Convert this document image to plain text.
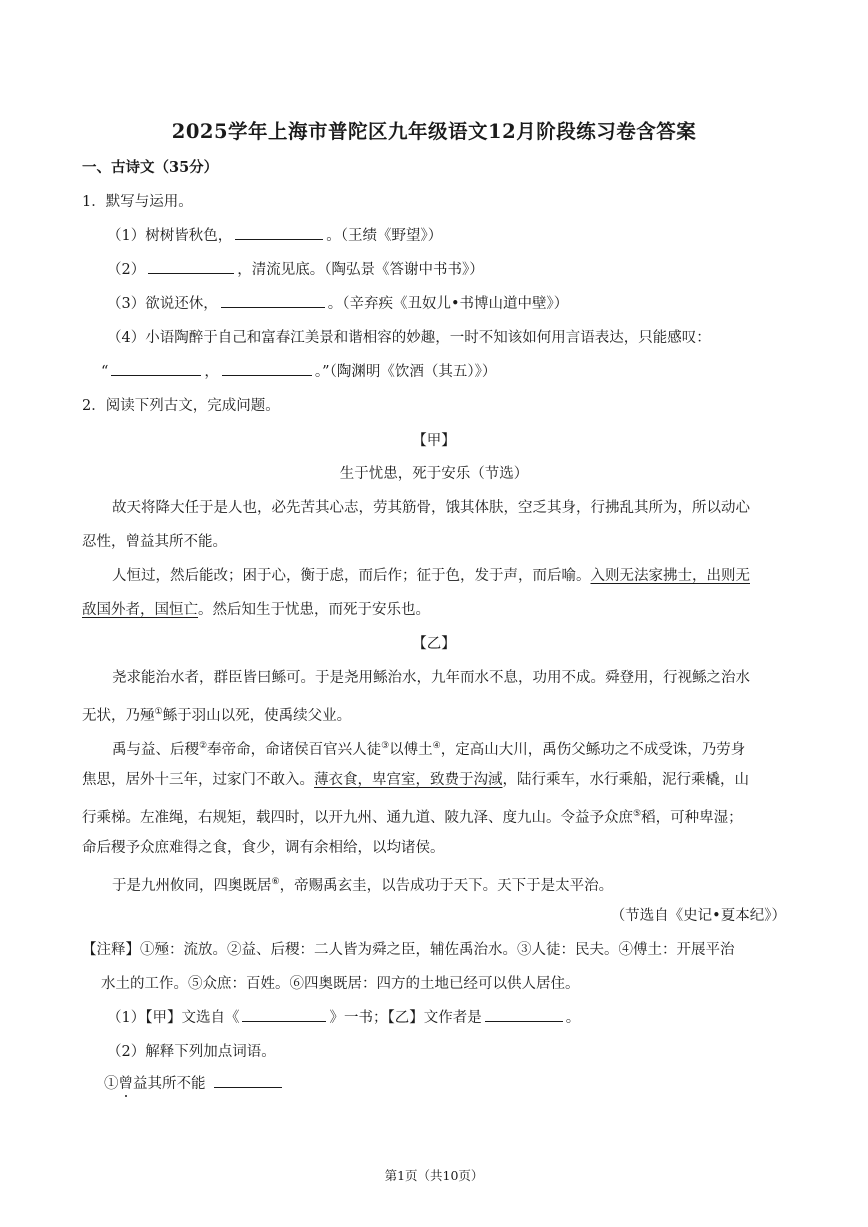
2025学年上海市普陀区九年级语文12月阶段练习卷含答案
一、古诗文（35分）
1．默写与运用。
（1）树树皆秋色，	。（王绩《野望》）
（2）	，清流见底。（陶弘景《答谢中书书》）
（3）欲说还休，	。（辛弃疾《丑奴儿•书博山道中壁》）
（4）小语陶醉于自己和富春江美景和谐相容的妙趣，一时不知该如何用言语表达，只能感叹：
“	，	。”（陶渊明《饮酒（其五）》）
2．阅读下列古文，完成问题。
【甲】
生于忧患，死于安乐（节选）
故天将降大任于是人也，必先苦其心志，劳其筋骨，饿其体肤，空乏其身，行拂乱其所为，所以动心
忍性，曾益其所不能。
人恒过，然后能改；困于心，衡于虑，而后作；征于色，发于声，而后喻。入则无法家拂士，出则无
敌国外者，国恒亡。然后知生于忧患，而死于安乐也。
【乙】
尧求能治水者，群臣皆曰鲧可。于是尧用鲧治水，九年而水不息，功用不成。舜登用，行视鲧之治水
无状，乃殛①鲧于羽山以死，使禹续父业。
禹与益、后稷②奉帝命，命诸侯百官兴人徒③以傅土④，定高山大川，禹伤父鲧功之不成受诛，乃劳身
焦思，居外十三年，过家门不敢入。薄衣食，卑宫室，致费于沟淢，陆行乘车，水行乘船，泥行乘橇，山
行乘梯。左准绳，右规矩，载四时，以开九州、通九道、陂九泽、度九山。令益予众庶⑤稻，可种卑湿；
命后稷予众庶难得之食，食少，调有余相给，以均诸侯。
于是九州攸同，四奥既居⑥，帝赐禹玄圭，以告成功于天下。天下于是太平治。
（节选自《史记•夏本纪》）
【注释】①殛：流放。②益、后稷：二人皆为舜之臣，辅佐禹治水。③人徒：民夫。④傅土：开展平治
水土的工作。⑤众庶：百姓。⑥四奥既居：四方的土地已经可以供人居住。
（1）【甲】文选自《	》一书；【乙】文作者是	。
（2）解释下列加点词语。
①曾益其所不能
第1页（共10页）
